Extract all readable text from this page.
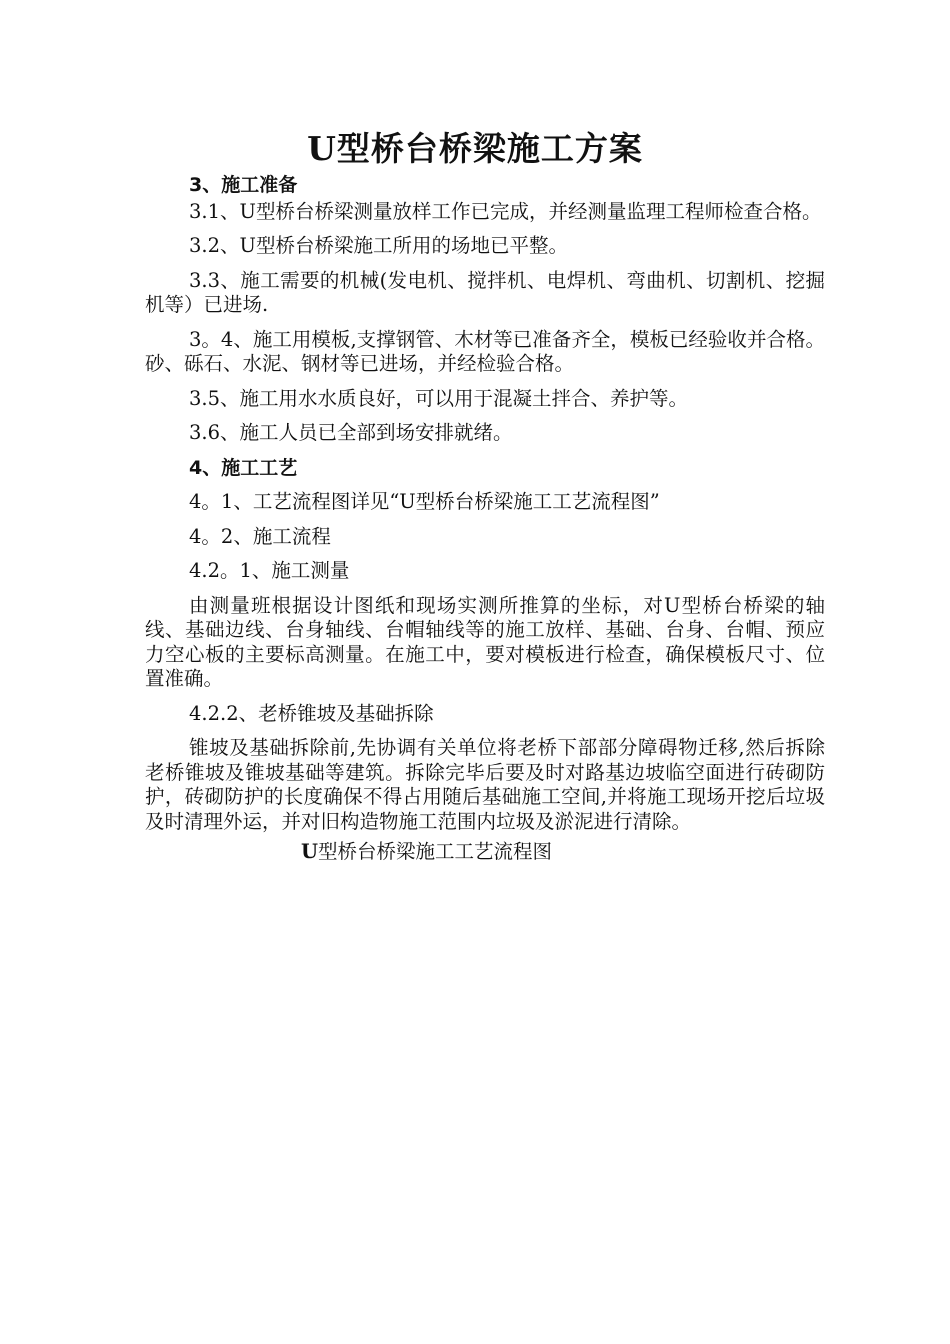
U型桥台桥梁施工方案

3、施工准备

3.1、U型桥台桥梁测量放样工作已完成，并经测量监理工程师检查合格。

3.2、U型桥台桥梁施工所用的场地已平整。

3.3、施工需要的机械(发电机、搅拌机、电焊机、弯曲机、切割机、挖掘机等）已进场.

3。4、施工用模板,支撑钢管、木材等已准备齐全，模板已经验收并合格。砂、砾石、水泥、钢材等已进场，并经检验合格。

3.5、施工用水水质良好，可以用于混凝土拌合、养护等。

3.6、施工人员已全部到场安排就绪。

4、施工工艺

4。1、工艺流程图详见“U型桥台桥梁施工工艺流程图”

4。2、施工流程

4.2。1、施工测量

由测量班根据设计图纸和现场实测所推算的坐标，对U型桥台桥梁的轴线、基础边线、台身轴线、台帽轴线等的施工放样、基础、台身、台帽、预应力空心板的主要标高测量。在施工中，要对模板进行检查，确保模板尺寸、位置准确。

4.2.2、老桥锥坡及基础拆除

锥坡及基础拆除前,先协调有关单位将老桥下部部分障碍物迁移,然后拆除老桥锥坡及锥坡基础等建筑。拆除完毕后要及时对路基边坡临空面进行砖砌防护，砖砌防护的长度确保不得占用随后基础施工空间,并将施工现场开挖后垃圾及时清理外运，并对旧构造物施工范围内垃圾及淤泥进行清除。

U型桥台桥梁施工工艺流程图
